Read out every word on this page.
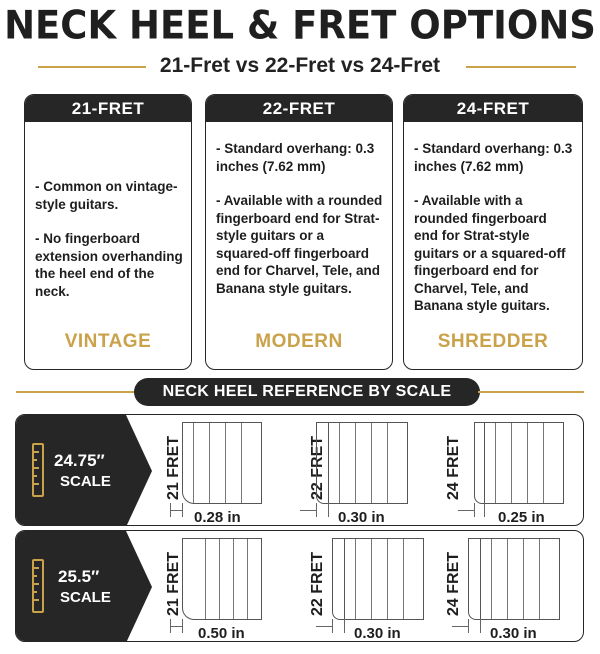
NECK HEEL & FRET OPTIONS
21-Fret vs 22-Fret vs 24-Fret
21-FRET

- Common on vintage-style guitars.

- No fingerboard extension overhanding the heel end of the neck.

VINTAGE
22-FRET

- Standard overhang: 0.3 inches (7.62 mm)

- Available with a rounded fingerboard end for Strat-style guitars or a squared-off fingerboard end for Charvel, Tele, and Banana style guitars.

MODERN
24-FRET

- Standard overhang: 0.3 inches (7.62 mm)

- Available with a rounded fingerboard end for Strat-style guitars or a squared-off fingerboard end for Charvel, Tele, and Banana style guitars.

SHREDDER
NECK HEEL REFERENCE BY SCALE
24.75″
SCALE	21 FRET
0.28 in
22 FRET
0.30 in
24 FRET
0.25 in
25.5″
SCALE	21 FRET
0.50 in
22 FRET
0.30 in
24 FRET
0.30 in
